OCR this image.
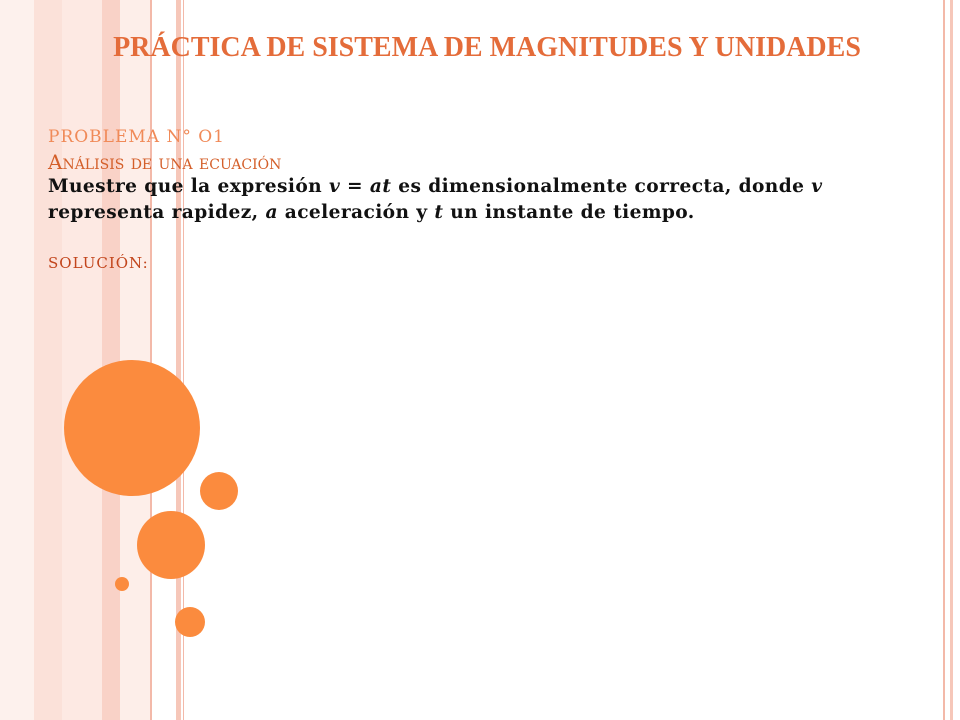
PRÁCTICA DE SISTEMA DE MAGNITUDES Y UNIDADES
PROBLEMA N° O1
Análisis de una ecuación
Muestre que la expresión v = at es dimensionalmente correcta, donde v representa rapidez, a aceleración y t un instante de tiempo.
SOLUCIÓN:
